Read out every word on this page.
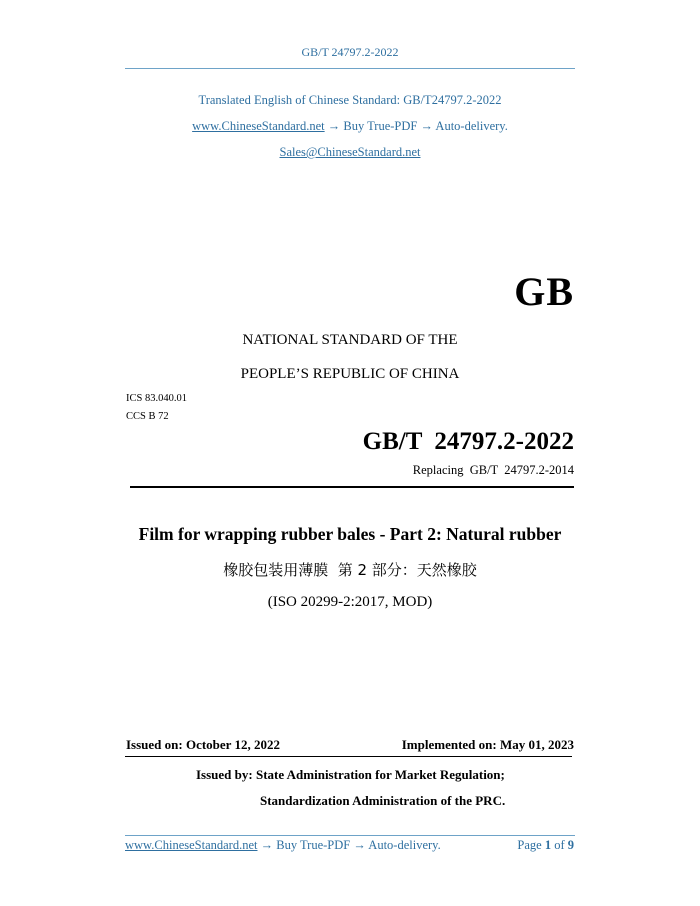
GB/T 24797.2-2022
Translated English of Chinese Standard: GB/T24797.2-2022
www.ChineseStandard.net → Buy True-PDF → Auto-delivery.
Sales@ChineseStandard.net
GB
NATIONAL STANDARD OF THE
PEOPLE’S REPUBLIC OF CHINA
ICS 83.040.01
CCS B 72
GB/T  24797.2-2022
Replacing  GB/T  24797.2-2014
Film for wrapping rubber bales - Part 2: Natural rubber
橡胶包装用薄膜  第 2 部分：天然橡胶
(ISO 20299-2:2017, MOD)
Issued on: October 12, 2022	Implemented on: May 01, 2023
Issued by: State Administration for Market Regulation;
Standardization Administration of the PRC.
www.ChineseStandard.net → Buy True-PDF → Auto-delivery.	Page 1 of 9
